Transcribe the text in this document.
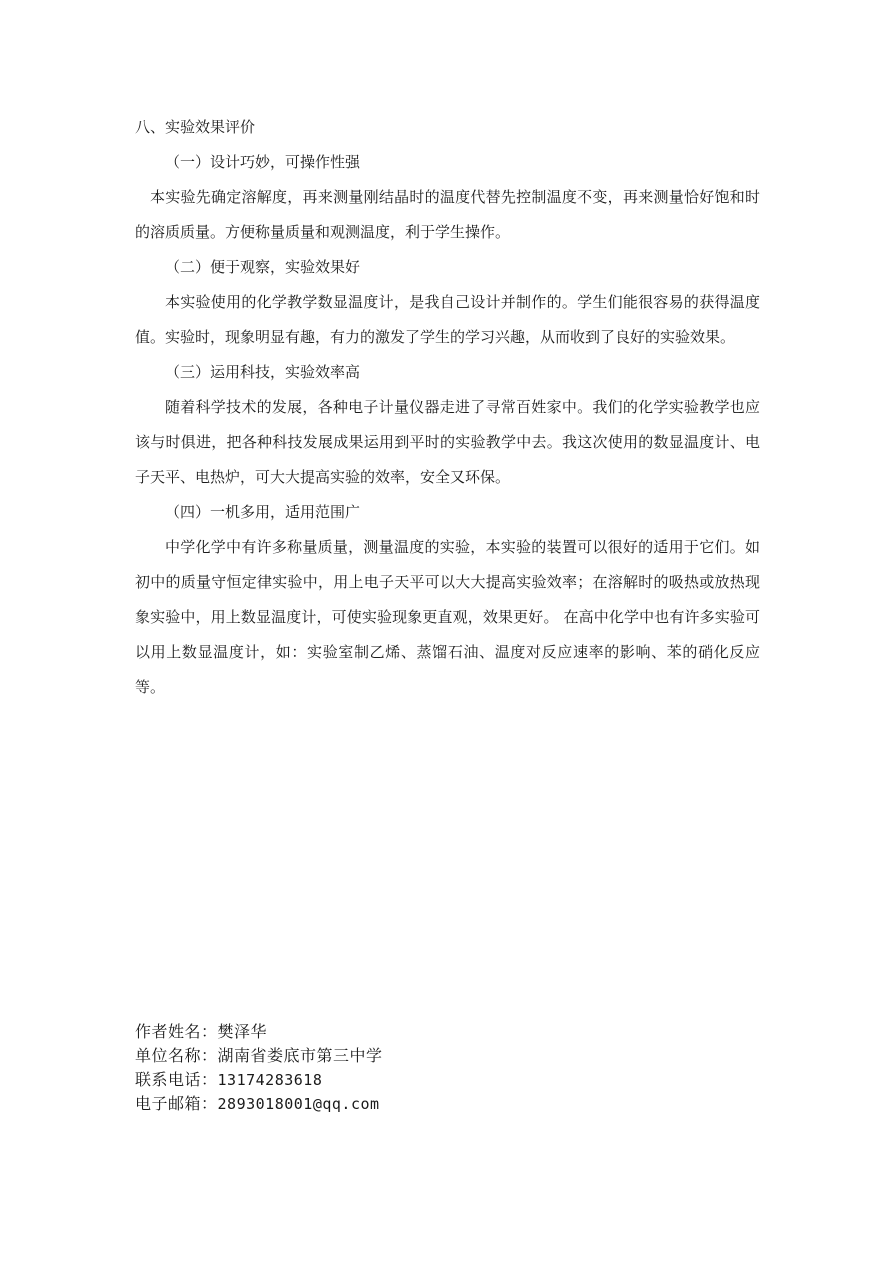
八、实验效果评价

（一）设计巧妙，可操作性强

本实验先确定溶解度，再来测量刚结晶时的温度代替先控制温度不变，再来测量恰好饱和时的溶质质量。方便称量质量和观测温度，利于学生操作。

（二）便于观察，实验效果好

本实验使用的化学教学数显温度计，是我自己设计并制作的。学生们能很容易的获得温度值。实验时，现象明显有趣，有力的激发了学生的学习兴趣，从而收到了良好的实验效果。

（三）运用科技，实验效率高

随着科学技术的发展，各种电子计量仪器走进了寻常百姓家中。我们的化学实验教学也应该与时俱进，把各种科技发展成果运用到平时的实验教学中去。我这次使用的数显温度计、电子天平、电热炉，可大大提高实验的效率，安全又环保。

（四）一机多用，适用范围广

中学化学中有许多称量质量，测量温度的实验，本实验的装置可以很好的适用于它们。如初中的质量守恒定律实验中，用上电子天平可以大大提高实验效率；在溶解时的吸热或放热现象实验中，用上数显温度计，可使实验现象更直观，效果更好。 在高中化学中也有许多实验可以用上数显温度计，如：实验室制乙烯、蒸馏石油、温度对反应速率的影响、苯的硝化反应等。

作者姓名： 樊泽华
单位名称： 湖南省娄底市第三中学
联系电话： 13174283618
电子邮箱： 2893018001@qq.com
